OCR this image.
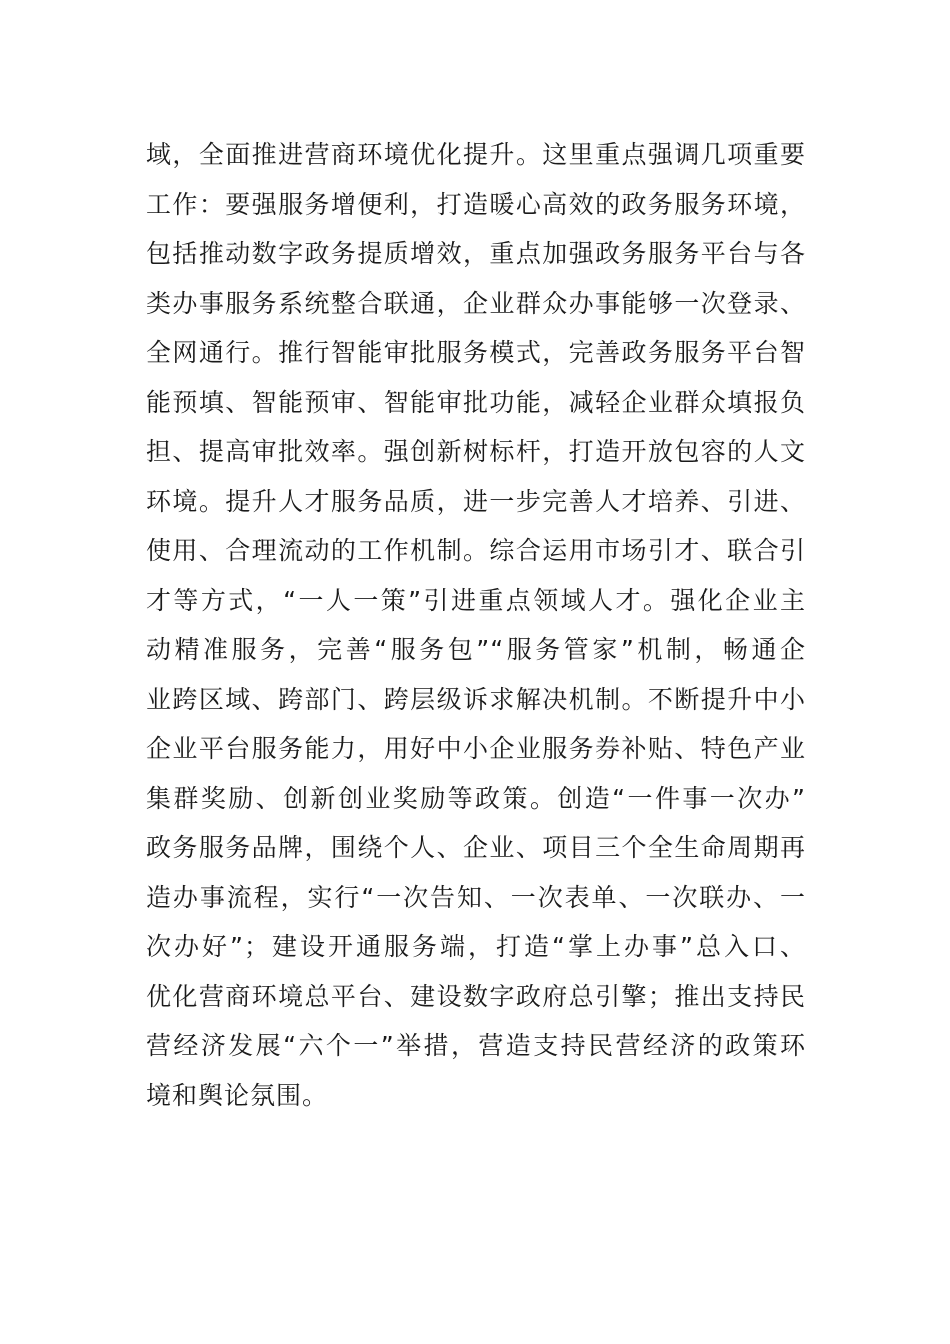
域，全面推进营商环境优化提升。这里重点强调几项重要
工作：要强服务增便利，打造暖心高效的政务服务环境，
包括推动数字政务提质增效，重点加强政务服务平台与各
类办事服务系统整合联通，企业群众办事能够一次登录、
全网通行。推行智能审批服务模式，完善政务服务平台智
能预填、智能预审、智能审批功能，减轻企业群众填报负
担、提高审批效率。强创新树标杆，打造开放包容的人文
环境。提升人才服务品质，进一步完善人才培养、引进、
使用、合理流动的工作机制。综合运用市场引才、联合引
才等方式，“一人一策”引进重点领域人才。强化企业主
动精准服务，完善“服务包”“服务管家”机制，畅通企
业跨区域、跨部门、跨层级诉求解决机制。不断提升中小
企业平台服务能力，用好中小企业服务券补贴、特色产业
集群奖励、创新创业奖励等政策。创造“一件事一次办”
政务服务品牌，围绕个人、企业、项目三个全生命周期再
造办事流程，实行“一次告知、一次表单、一次联办、一
次办好”；建设开通服务端，打造“掌上办事”总入口、
优化营商环境总平台、建设数字政府总引擎；推出支持民
营经济发展“六个一”举措，营造支持民营经济的政策环
境和舆论氛围。
